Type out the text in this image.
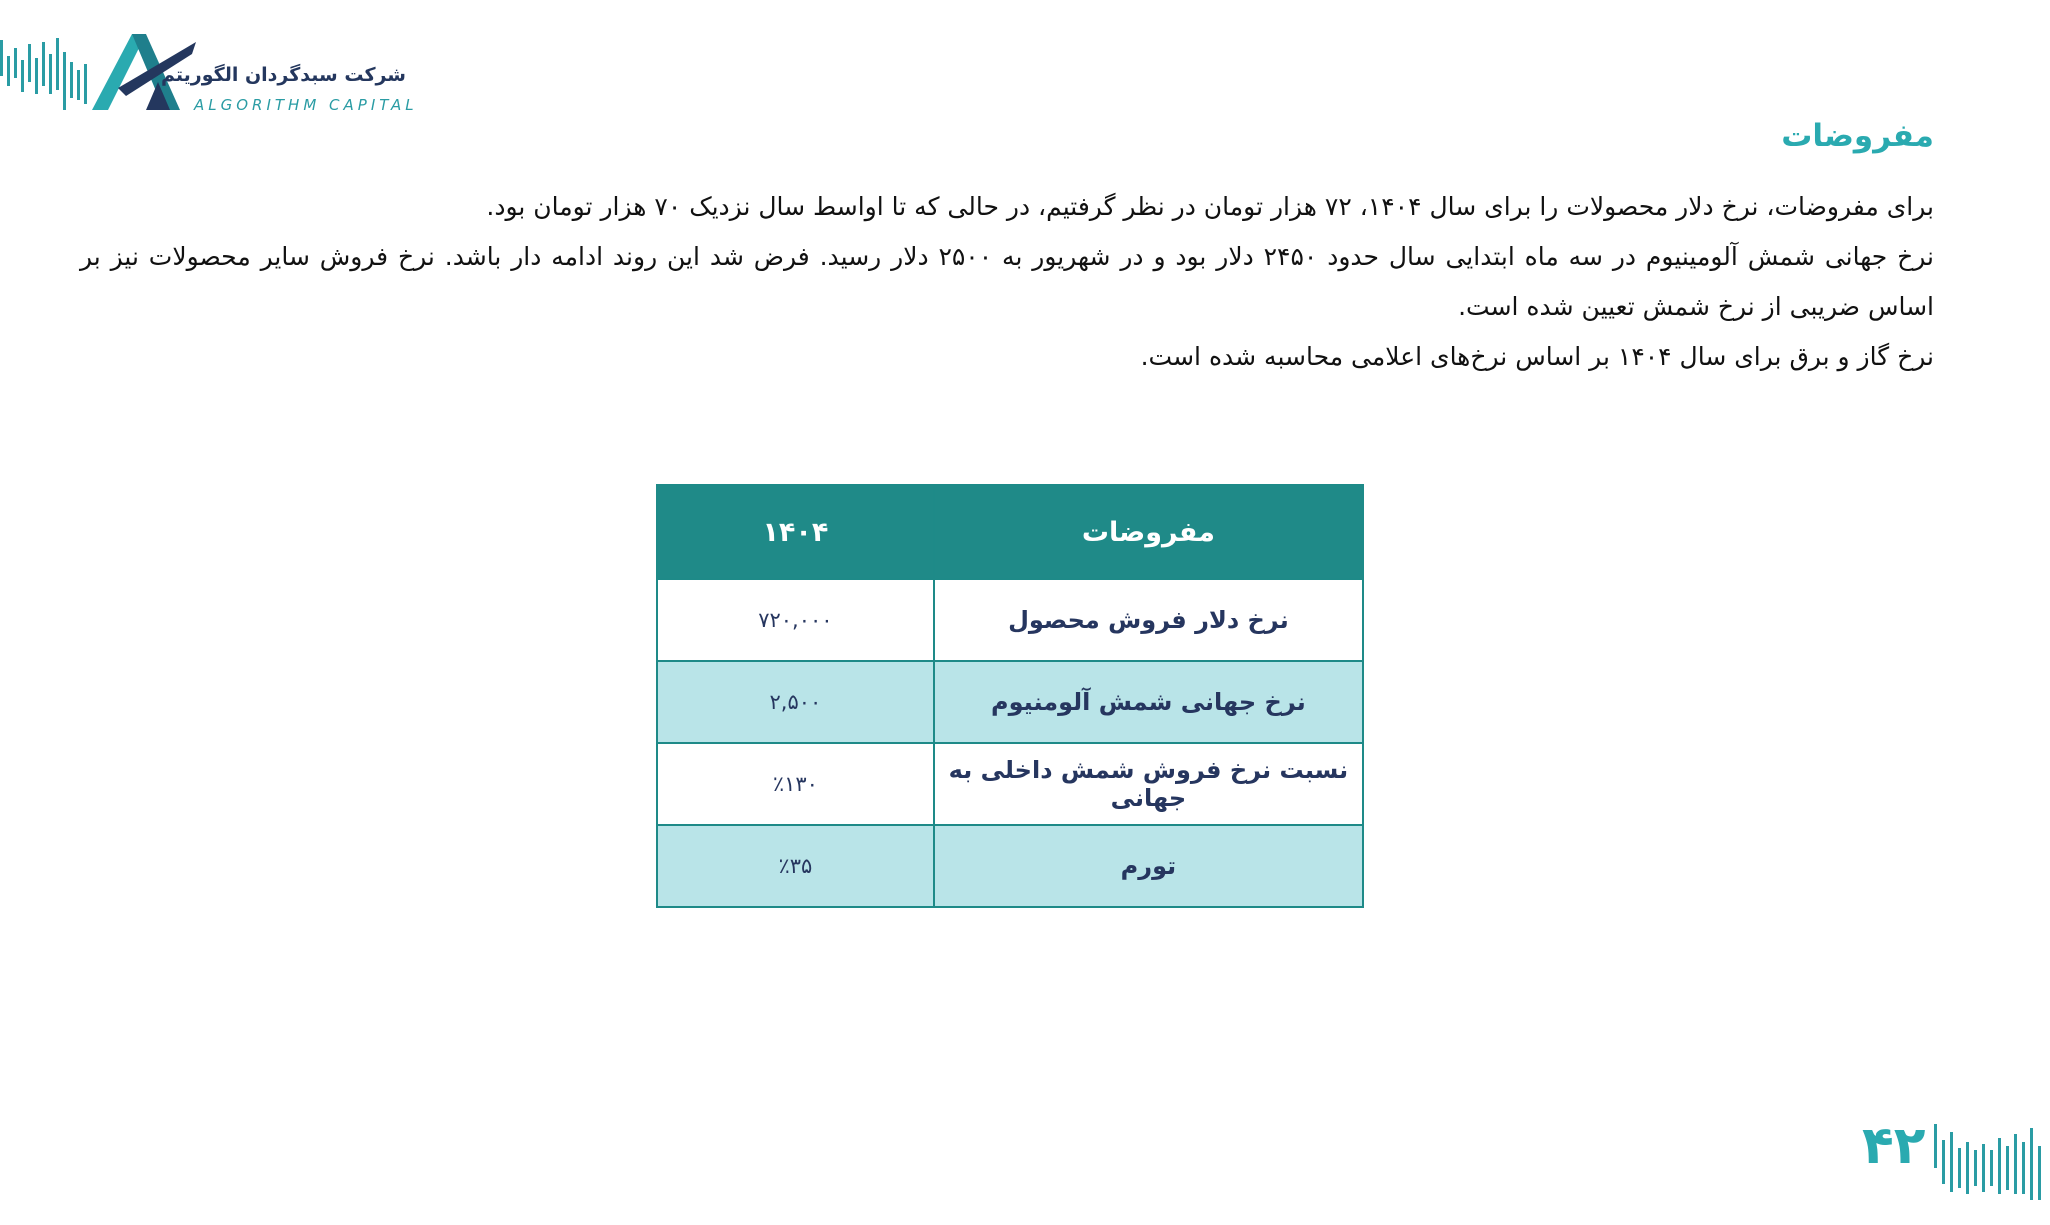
شرکت سبدگردان الگوریتم
ALGORITHM CAPITAL
مفروضات

برای مفروضات، نرخ دلار محصولات را برای سال ۱۴۰۴، ۷۲ هزار تومان در نظر گرفتیم، در حالی که تا اواسط سال نزدیک ۷۰ هزار تومان بود.

نرخ جهانی شمش آلومینیوم در سه ماه ابتدایی سال حدود ۲۴۵۰ دلار بود و در شهریور به ۲۵۰۰ دلار رسید. فرض شد این روند ادامه دار باشد. نرخ فروش سایر محصولات نیز بر اساس ضریبی از نرخ شمش تعیین شده است.

نرخ گاز و برق برای سال ۱۴۰۴ بر اساس نرخ‌های اعلامی محاسبه شده است.

مفروضات	۱۴۰۴
نرخ دلار فروش محصول	۷۲۰,۰۰۰
نرخ جهانی شمش آلومنیوم	۲,۵۰۰
نسبت نرخ فروش شمش داخلی به جهانی	٪۱۳۰
تورم	٪۳۵
۴۲
